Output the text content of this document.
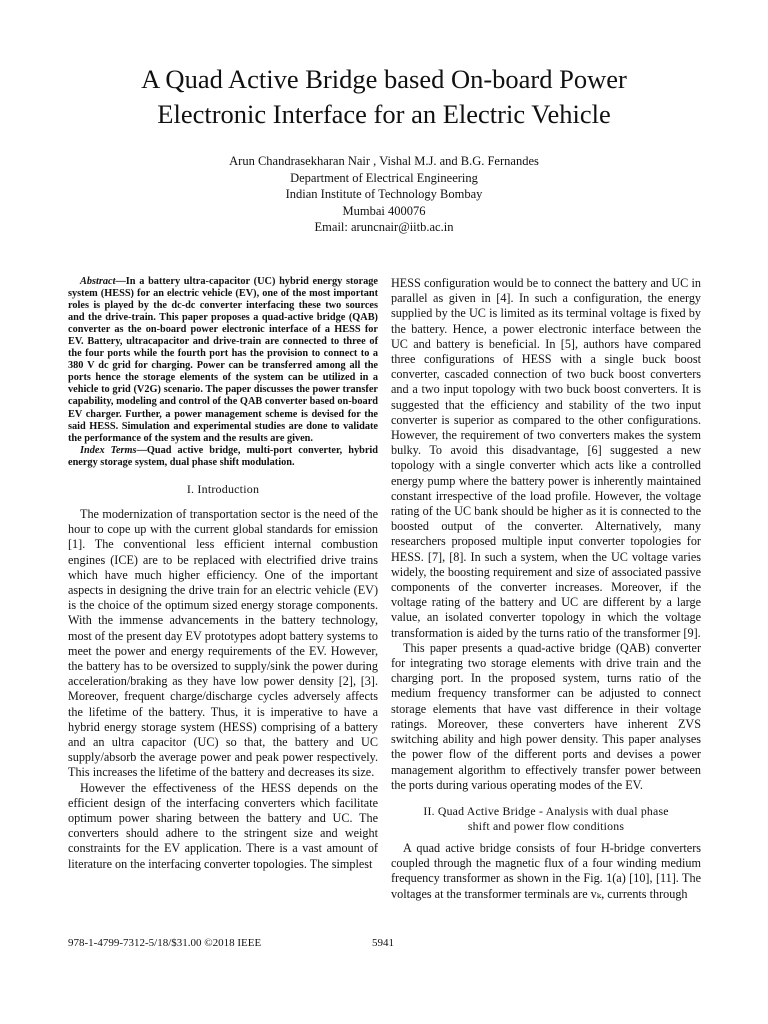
A Quad Active Bridge based On-board Power
Electronic Interface for an Electric Vehicle
Arun Chandrasekharan Nair , Vishal M.J. and B.G. Fernandes
Department of Electrical Engineering
Indian Institute of Technology Bombay
Mumbai 400076
Email: aruncnair@iitb.ac.in

Abstract—In a battery ultra-capacitor (UC) hybrid energy storage system (HESS) for an electric vehicle (EV), one of the most important roles is played by the dc-dc converter interfacing these two sources and the drive-train. This paper proposes a quad-active bridge (QAB) converter as the on-board power electronic interface of a HESS for EV. Battery, ultracapacitor and drive-train are connected to three of the four ports while the fourth port has the provision to connect to a 380 V dc grid for charging. Power can be transferred among all the ports hence the storage elements of the system can be utilized in a vehicle to grid (V2G) scenario. The paper discusses the power transfer capability, modeling and control of the QAB converter based on-board EV charger. Further, a power management scheme is devised for the said HESS. Simulation and experimental studies are done to validate the performance of the system and the results are given.

Index Terms—Quad active bridge, multi-port converter, hybrid energy storage system, dual phase shift modulation.

I. Introduction

The modernization of transportation sector is the need of the hour to cope up with the current global standards for emission [1]. The conventional less efficient internal combustion engines (ICE) are to be replaced with electrified drive trains which have much higher efficiency. One of the important aspects in designing the drive train for an electric vehicle (EV) is the choice of the optimum sized energy storage components. With the immense advancements in the battery technology, most of the present day EV prototypes adopt battery systems to meet the power and energy requirements of the EV. However, the battery has to be oversized to supply/sink the power during acceleration/braking as they have low power density [2], [3]. Moreover, frequent charge/discharge cycles adversely affects the lifetime of the battery. Thus, it is imperative to have a hybrid energy storage system (HESS) comprising of a battery and an ultra capacitor (UC) so that, the battery and UC supply/absorb the average power and peak power respectively. This increases the lifetime of the battery and decreases its size.

However the effectiveness of the HESS depends on the efficient design of the interfacing converters which facilitate optimum power sharing between the battery and UC. The converters should adhere to the stringent size and weight constraints for the EV application. There is a vast amount of literature on the interfacing converter topologies. The simplest

HESS configuration would be to connect the battery and UC in parallel as given in [4]. In such a configuration, the energy supplied by the UC is limited as its terminal voltage is fixed by the battery. Hence, a power electronic interface between the UC and battery is beneficial. In [5], authors have compared three configurations of HESS with a single buck boost converter, cascaded connection of two buck boost converters and a two input topology with two buck boost converters. It is suggested that the efficiency and stability of the two input converter is superior as compared to the other configurations. However, the requirement of two converters makes the system bulky. To avoid this disadvantage, [6] suggested a new topology with a single converter which acts like a controlled energy pump where the battery power is inherently maintained constant irrespective of the load profile. However, the voltage rating of the UC bank should be higher as it is connected to the boosted output of the converter. Alternatively, many researchers proposed multiple input converter topologies for HESS. [7], [8]. In such a system, when the UC voltage varies widely, the boosting requirement and size of associated passive components of the converter increases. Moreover, if the voltage rating of the battery and UC are different by a large value, an isolated converter topology in which the voltage transformation is aided by the turns ratio of the transformer [9].

This paper presents a quad-active bridge (QAB) converter for integrating two storage elements with drive train and the charging port. In the proposed system, turns ratio of the medium frequency transformer can be adjusted to connect storage elements that have vast difference in their voltage ratings. Moreover, these converters have inherent ZVS switching ability and high power density. This paper analyses the power flow of the different ports and devises a power management algorithm to effectively transfer power between the ports during various operating modes of the EV.

II. Quad Active Bridge - Analysis with dual phase
shift and power flow conditions

A quad active bridge consists of four H-bridge converters coupled through the magnetic flux of a four winding medium frequency transformer as shown in the Fig. 1(a) [10], [11]. The voltages at the transformer terminals are vₖ, currents through

978-1-4799-7312-5/18/$31.00 ©2018 IEEE	5941
